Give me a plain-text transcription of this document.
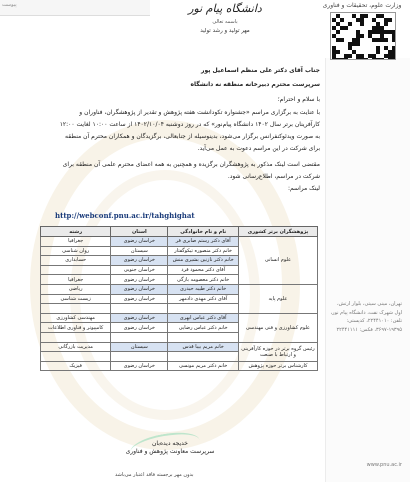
پیوست	وزارت علوم، تحقیقات و فناوری
دانشگاه پیام نور
باسمه تعالی
مهر تولید و رشد تولید
جناب آقای دکتر علی منظم اسماعیل پور
سرپرست محترم دبیرخانه منطقه نه دانشگاه
با سلام و احترام؛
با عنایت به برگزاری مراسم «جشنواره تکودانشت هفته پژوهش و تقدیر از پژوهشگران، فناوران و
کارآفرینان برتر سال ۱۴۰۲ دانشگاه پیام‌نور» که در روز دوشنبه ۱۴۰۲/۱۰/۰۴ از ساعت ۱۰:۰۰ لغایت ۱۲:۰۰
به صورت ویدئوکنفرانس برگزار می‌شود، بدینوسیله از جنابعالی، برگزیدگان و همکاران محترم آن منطقه
برای شرکت در این مراسم دعوت به عمل می‌آید.
مقتضی است لینک مذکور به پژوهشگران برگزیده و همچنین به همه اعضای محترم علمی آن منطقه برای
شرکت در مراسم، اطلاع‌رسانی شود.
لینک مراسم:
http://webconf.pnu.ac.ir/tahghighat
پژوهشگران برتر کشوری	نام و نام خانوادگی	استان	رشته
علوم انسانی	آقای دکتر رستم صابری فر	خراسان رضوی	جغرافیا
	خانم دکتر منصوره تیکوگفتار	سیستان	روان شناسی
	خانم دکتر نازنین بشیری منش	خراسان رضوی	حسابداری
	آقای دکتر محمود فرد	خراسان جنوبی	
	خانم دکتر معصومه بازگی	خراسان رضوی	جغرافیا
علوم پایه	خانم دکتر طیبه حیدری	خراسان رضوی	ریاضی
	آقای دکتر مهدی دادمهر	خراسان رضوی	زیست شناسی

علوم کشاورزی و فنی مهندسی	آقای دکتر عباس ابهری	خراسان رضوی	مهندسی کشاورزی
	خانم دکتر عباس رضایی	خراسان رضوی	کامپیوتر و فناوری اطلاعات

رئیس گروه برتر در حوزه کارآفرینی و ارتباط با صنعت	خانم مریم بیبا قدس	سیستان	مدیریت بازرگانی

کارشناس برتر حوزه پژوهش	خانم دکتر مریم مونسی	خراسان رضوی	فیزیک
خدیجه دیده‌بان
سرپرست معاونت پژوهش و فناوری
بدون مهر برجسته فاقد اعتبار می‌باشد
تهران، مینی سیتی، بلوار ارتش، اول شهرک نفت، دانشگاه پیام نور، تلفن: ۲۲۴۴۱۰۱۰، کدپستی: ۱۹۳۹۵-۳۶۹۷، فکس: ۲۲۴۴۱۱۱۱
www.pnu.ac.ir
